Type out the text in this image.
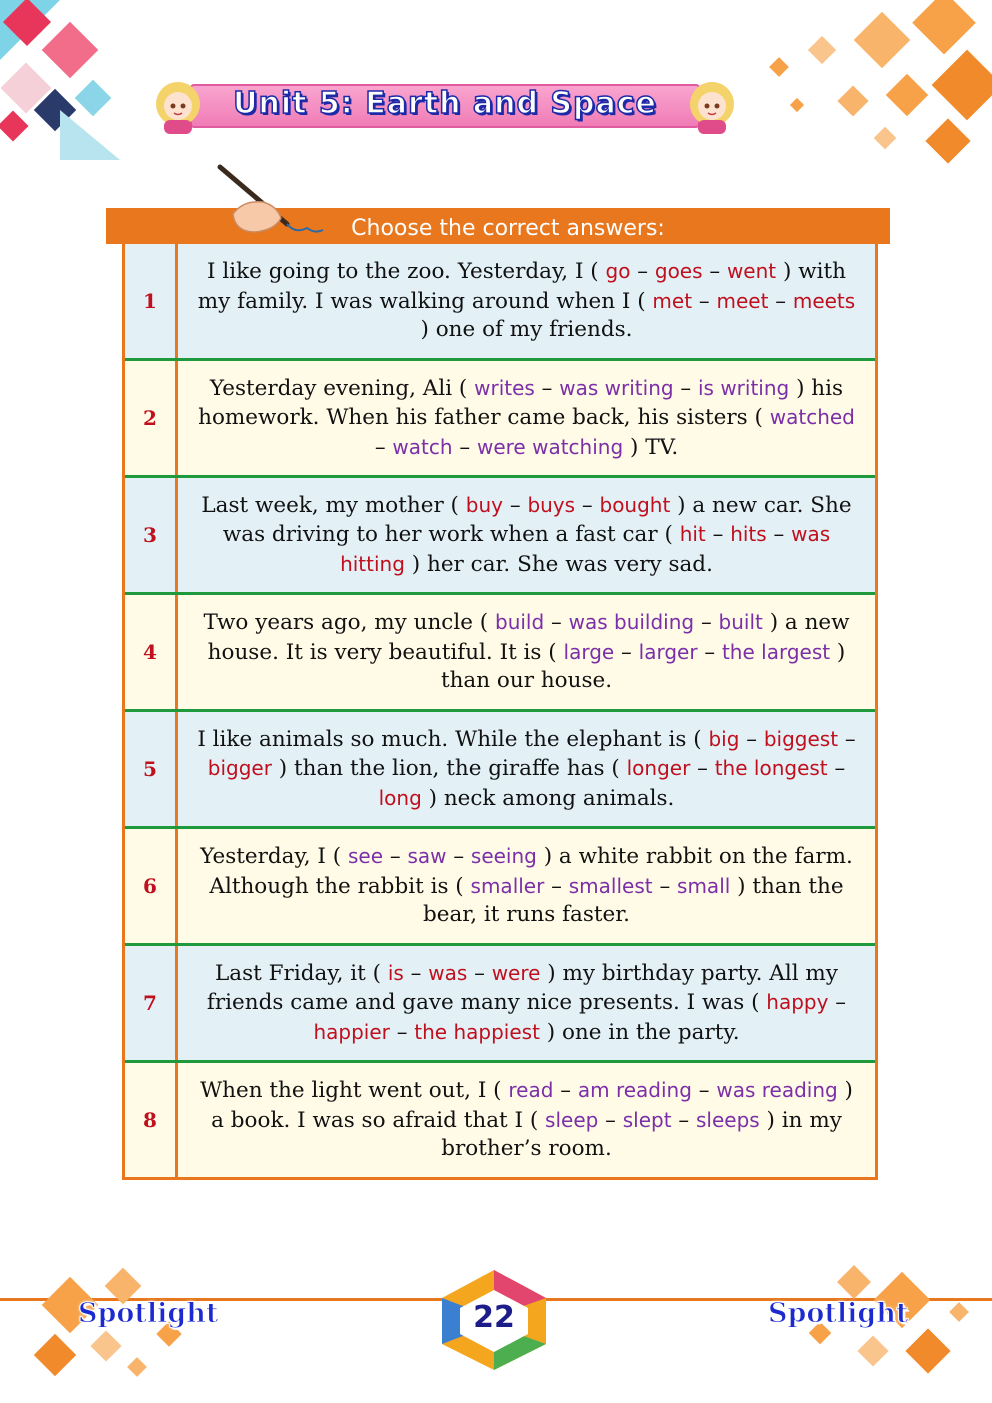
Unit 5: Earth and Space
Choose the correct answers:
1
I like going to the zoo. Yesterday, I ( go – goes – went ) with my family. I was walking around when I ( met – meet – meets ) one of my friends.
2
Yesterday evening, Ali ( writes – was writing – is writing ) his homework. When his father came back, his sisters ( watched – watch – were watching ) TV.
3
Last week, my mother ( buy – buys – bought ) a new car. She was driving to her work when a fast car ( hit – hits – was hitting ) her car. She was very sad.
4
Two years ago, my uncle ( build – was building – built ) a new house. It is very beautiful. It is ( large – larger – the largest ) than our house.
5
I like animals so much. While the elephant is ( big – biggest – bigger ) than the lion, the giraffe has ( longer – the longest – long ) neck among animals.
6
Yesterday, I ( see – saw – seeing ) a white rabbit on the farm. Although the rabbit is ( smaller – smallest – small ) than the bear, it runs faster.
7
Last Friday, it ( is – was – were ) my birthday party. All my friends came and gave many nice presents. I was ( happy – happier – the happiest ) one in the party.
8
When the light went out, I ( read – am reading – was reading ) a book. I was so afraid that I ( sleep – slept – sleeps ) in my brother’s room.
Spotlight	Spotlight
22
